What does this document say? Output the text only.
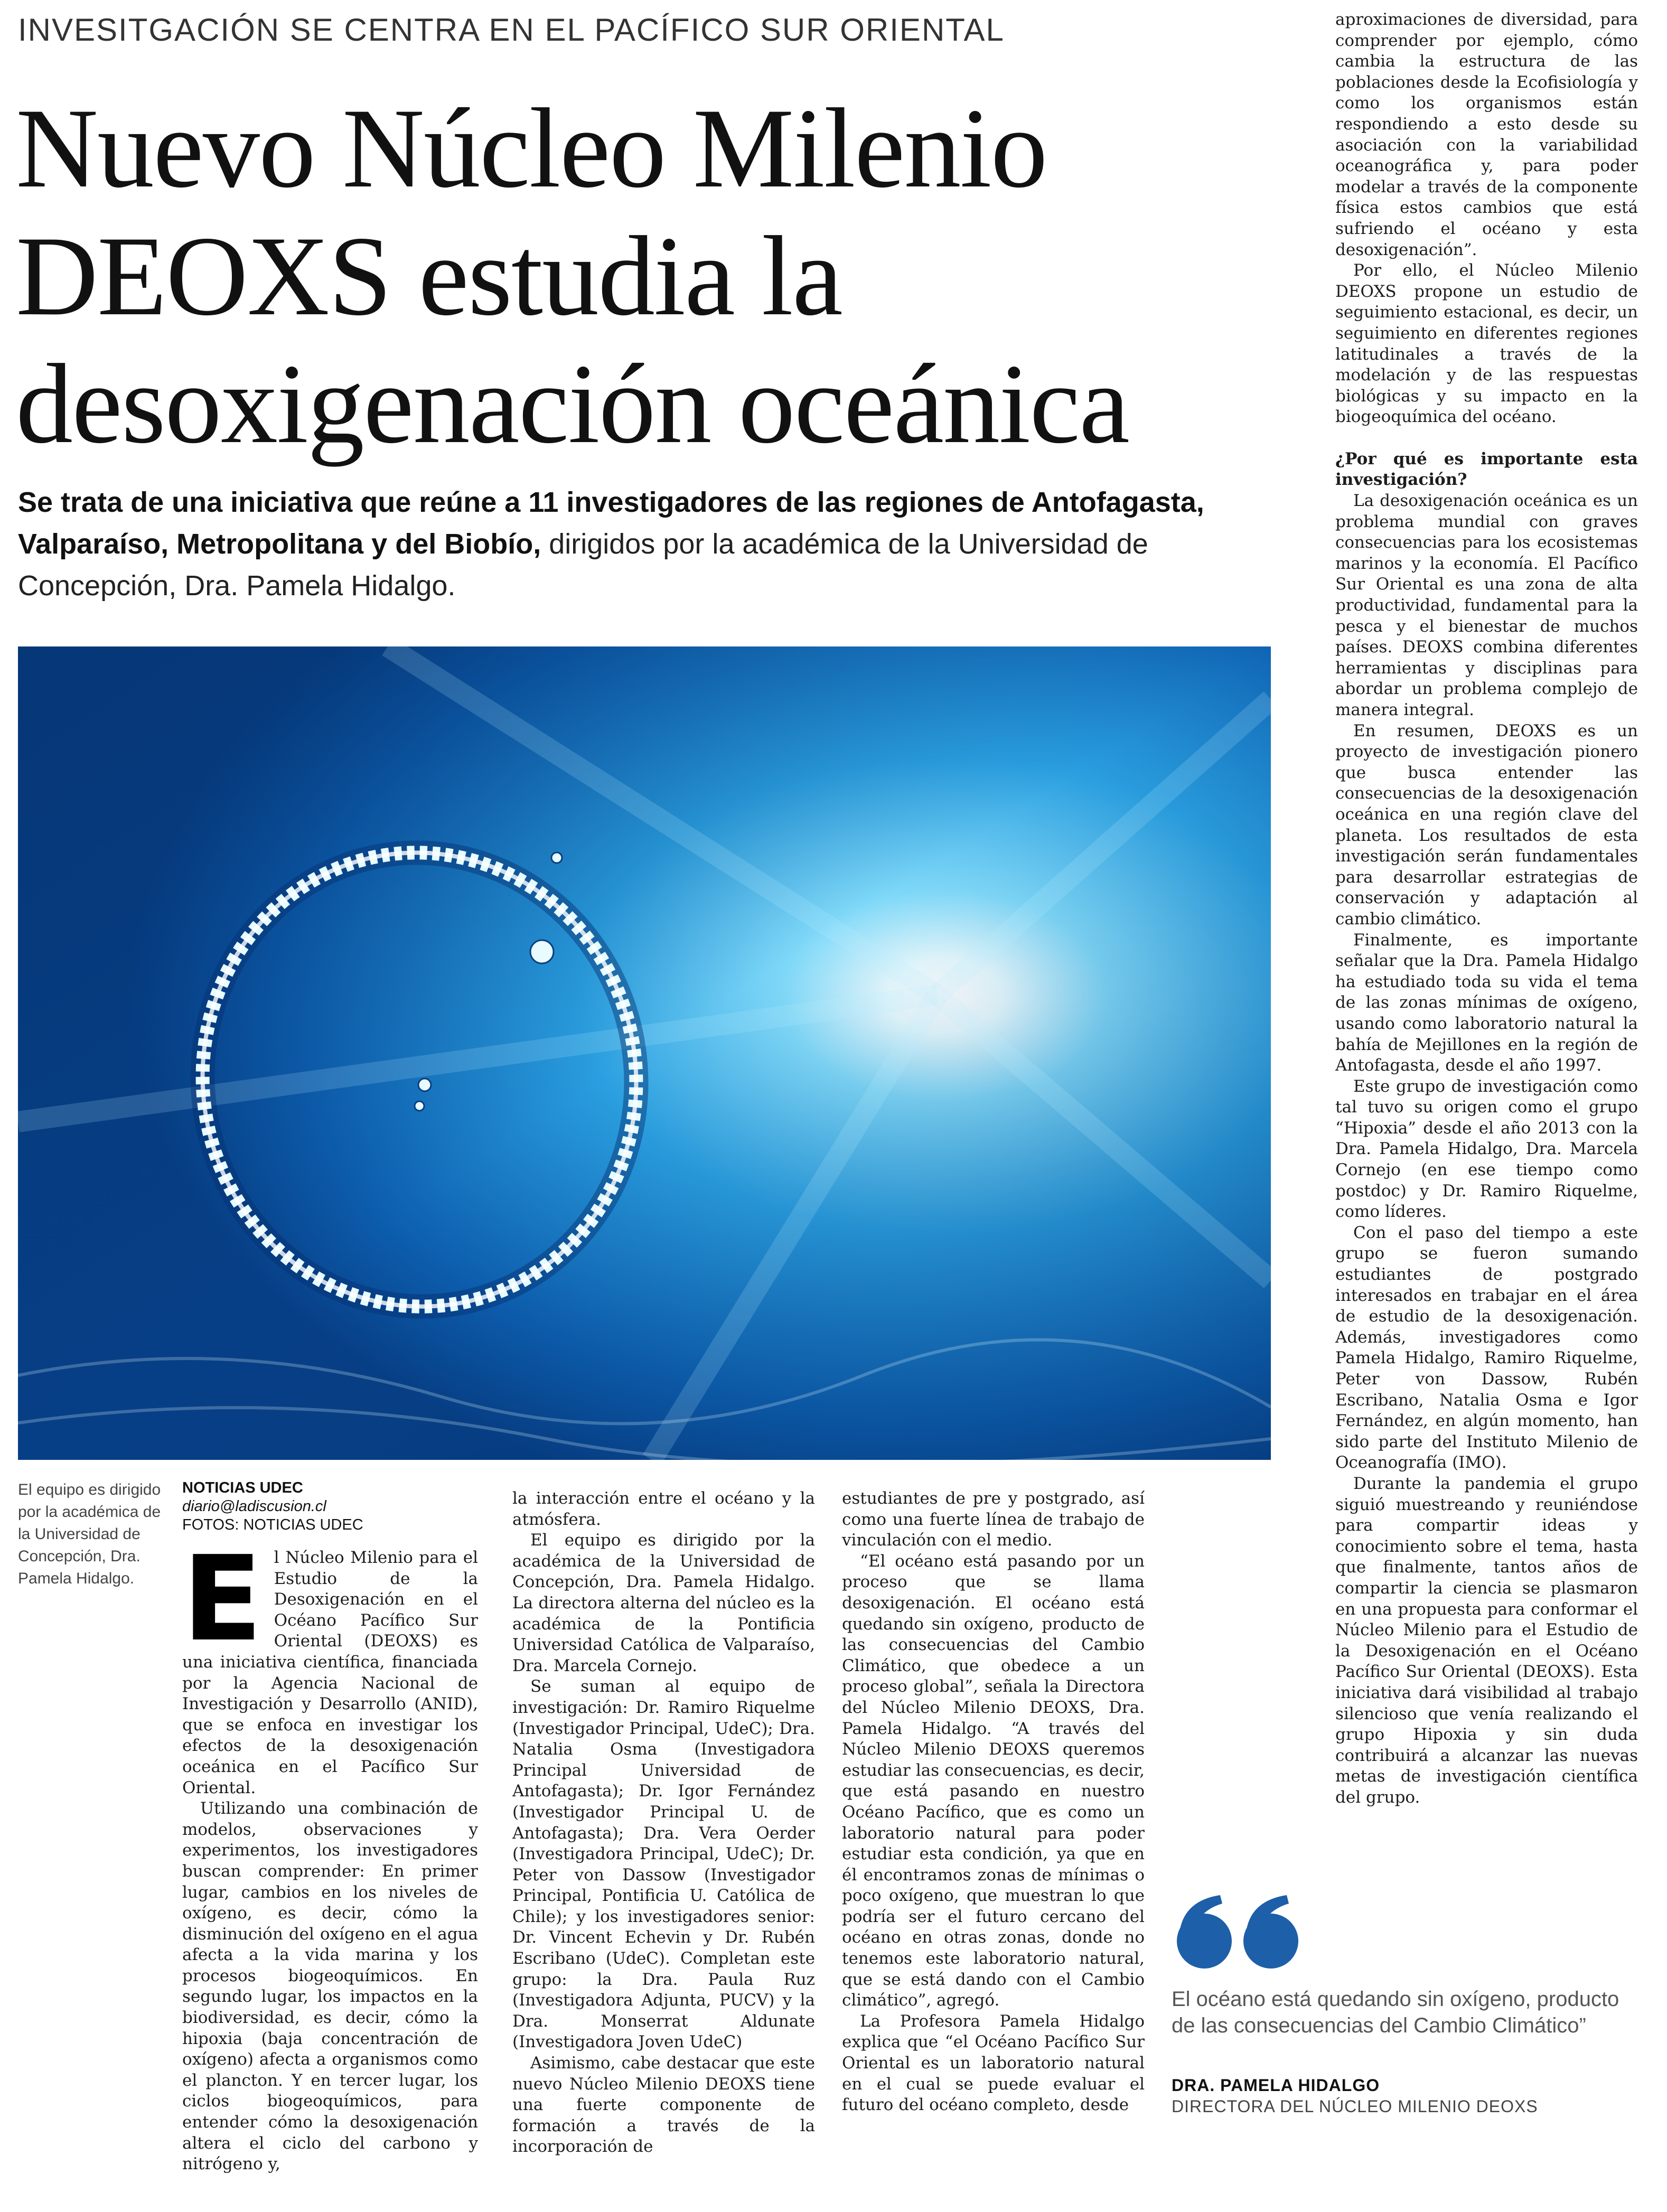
INVESITGACIÓN SE CENTRA EN EL PACÍFICO SUR ORIENTAL
Nuevo Núcleo Milenio
DEOXS estudia la
desoxigenación oceánica
Se trata de una iniciativa que reúne a 11 investigadores de las regiones de Antofagasta, Valparaíso, Metropolitana y del Biobío, dirigidos por la académica de la Universidad de Concepción, Dra. Pamela Hidalgo.
El equipo es dirigido por la académica de la Universidad de Concepción, Dra. Pamela Hidalgo.
NOTICIAS UDEC
diario@ladiscusion.cl
FOTOS: NOTICIAS UDEC
E l Núcleo Milenio para el Estudio de la Desoxigenación en el Océano Pacífico Sur Oriental (DEOXS) es una iniciativa científica, financiada por la Agencia Nacional de Investigación y Desarrollo (ANID), que se enfoca en investigar los efectos de la desoxigenación oceánica en el Pacífico Sur Oriental.

Utilizando una combinación de modelos, observaciones y experimentos, los investigadores buscan comprender: En primer lugar, cambios en los niveles de oxígeno, es decir, cómo la disminución del oxígeno en el agua afecta a la vida marina y los procesos biogeoquímicos. En segundo lugar, los impactos en la biodiversidad, es decir, cómo la hipoxia (baja concentración de oxígeno) afecta a organismos como el plancton. Y en tercer lugar, los ciclos biogeoquímicos, para entender cómo la desoxigenación altera el ciclo del carbono y nitrógeno y,

la interacción entre el océano y la atmósfera.

El equipo es dirigido por la académica de la Universidad de Concepción, Dra. Pamela Hidalgo. La directora alterna del núcleo es la académica de la Pontificia Universidad Católica de Valparaíso, Dra. Marcela Cornejo.

Se suman al equipo de investigación: Dr. Ramiro Riquelme (Investigador Principal, UdeC); Dra. Natalia Osma (Investigadora Principal Universidad de Antofagasta); Dr. Igor Fernández (Investigador Principal U. de Antofagasta); Dra. Vera Oerder (Investigadora Principal, UdeC); Dr. Peter von Dassow (Investigador Principal, Pontificia U. Católica de Chile); y los investigadores senior: Dr. Vincent Echevin y Dr. Rubén Escribano (UdeC). Completan este grupo: la Dra. Paula Ruz (Investigadora Adjunta, PUCV) y la Dra. Monserrat Aldunate (Investigadora Joven UdeC)

Asimismo, cabe destacar que este nuevo Núcleo Milenio DEOXS tiene una fuerte componente de formación a través de la incorporación de

estudiantes de pre y postgrado, así como una fuerte línea de trabajo de vinculación con el medio.

“El océano está pasando por un proceso que se llama desoxigenación. El océano está quedando sin oxígeno, producto de las consecuencias del Cambio Climático, que obedece a un proceso global”, señala la Directora del Núcleo Milenio DEOXS, Dra. Pamela Hidalgo. “A través del Núcleo Milenio DEOXS queremos estudiar las consecuencias, es decir, que está pasando en nuestro Océano Pacífico, que es como un laboratorio natural para poder estudiar esta condición, ya que en él encontramos zonas de mínimas o poco oxígeno, que muestran lo que podría ser el futuro cercano del océano en otras zonas, donde no tenemos este laboratorio natural, que se está dando con el Cambio climático”, agregó.

La Profesora Pamela Hidalgo explica que “el Océano Pacífico Sur Oriental es un laboratorio natural en el cual se puede evaluar el futuro del océano completo, desde

aproximaciones de diversidad, para comprender por ejemplo, cómo cambia la estructura de las poblaciones desde la Ecofisiología y como los organismos están respondiendo a esto desde su asociación con la variabilidad oceanográfica y, para poder modelar a través de la componente física estos cambios que está sufriendo el océano y esta desoxigenación”.

Por ello, el Núcleo Milenio DEOXS propone un estudio de seguimiento estacional, es decir, un seguimiento en diferentes regiones latitudinales a través de la modelación y de las respuestas biológicas y su impacto en la biogeoquímica del océano.

¿Por qué es importante esta investigación?

La desoxigenación oceánica es un problema mundial con graves consecuencias para los ecosistemas marinos y la economía. El Pacífico Sur Oriental es una zona de alta productividad, fundamental para la pesca y el bienestar de muchos países. DEOXS combina diferentes herramientas y disciplinas para abordar un problema complejo de manera integral.

En resumen, DEOXS es un proyecto de investigación pionero que busca entender las consecuencias de la desoxigenación oceánica en una región clave del planeta. Los resultados de esta investigación serán fundamentales para desarrollar estrategias de conservación y adaptación al cambio climático.

Finalmente, es importante señalar que la Dra. Pamela Hidalgo ha estudiado toda su vida el tema de las zonas mínimas de oxígeno, usando como laboratorio natural la bahía de Mejillones en la región de Antofagasta, desde el año 1997.

Este grupo de investigación como tal tuvo su origen como el grupo “Hipoxia” desde el año 2013 con la Dra. Pamela Hidalgo, Dra. Marcela Cornejo (en ese tiempo como postdoc) y Dr. Ramiro Riquelme, como líderes.

Con el paso del tiempo a este grupo se fueron sumando estudiantes de postgrado interesados en trabajar en el área de estudio de la desoxigenación. Además, investigadores como Pamela Hidalgo, Ramiro Riquelme, Peter von Dassow, Rubén Escribano, Natalia Osma e Igor Fernández, en algún momento, han sido parte del Instituto Milenio de Oceanografía (IMO).

Durante la pandemia el grupo siguió muestreando y reuniéndose para compartir ideas y conocimiento sobre el tema, hasta que finalmente, tantos años de compartir la ciencia se plasmaron en una propuesta para conformar el Núcleo Milenio para el Estudio de la Desoxigenación en el Océano Pacífico Sur Oriental (DEOXS). Esta iniciativa dará visibilidad al trabajo silencioso que venía realizando el grupo Hipoxia y sin duda contribuirá a alcanzar las nuevas metas de investigación científica del grupo.

El océano está quedando sin oxígeno, producto de las consecuencias del Cambio Climático”
DRA. PAMELA HIDALGO
DIRECTORA DEL NÚCLEO MILENIO DEOXS
